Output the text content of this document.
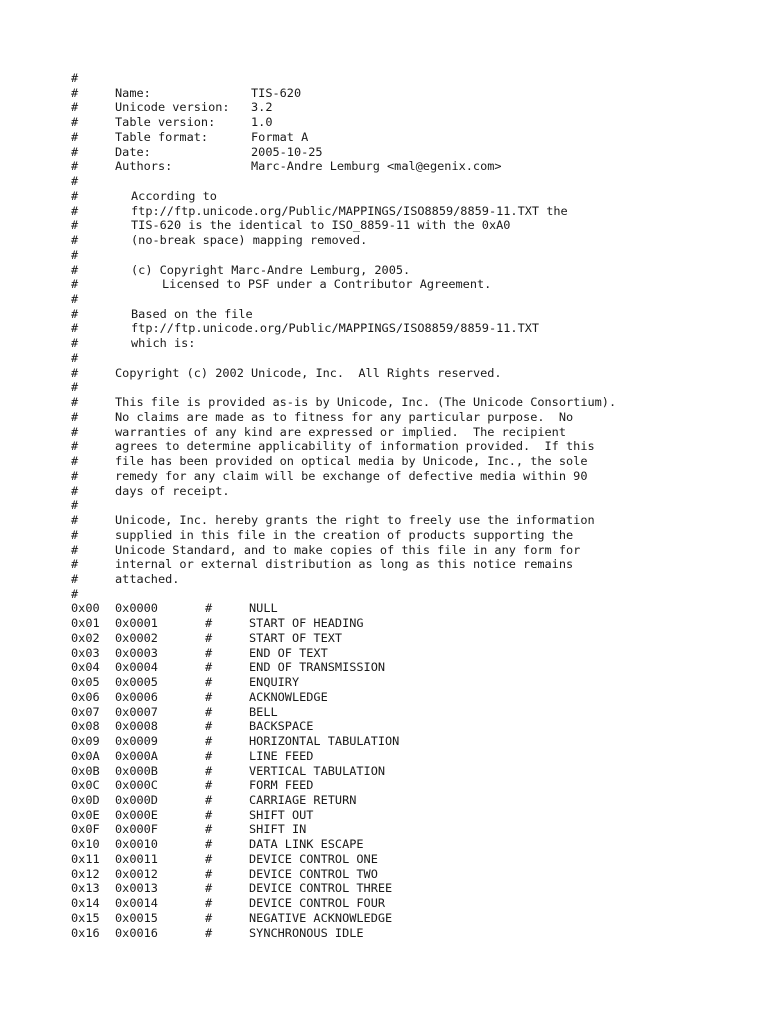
#
#	Name:	TIS-620
#	Unicode version: 3.2
#	Table version:	1.0
#	Table format:	Format A
#	Date:	2005-10-25
#	Authors:	Marc-Andre Lemburg <mal@egenix.com>
#
#	According to
#	ftp://ftp.unicode.org/Public/MAPPINGS/ISO8859/8859-11.TXT the
#	TIS-620 is the identical to ISO_8859-11 with the 0xA0
#	(no-break space) mapping removed.
#
#	(c) Copyright Marc-Andre Lemburg, 2005.
#	Licensed to PSF under a Contributor Agreement.
#
#	Based on the file
#	ftp://ftp.unicode.org/Public/MAPPINGS/ISO8859/8859-11.TXT
#	which is:
#
#	Copyright (c) 2002 Unicode, Inc.  All Rights reserved.
#
#	This file is provided as-is by Unicode, Inc. (The Unicode Consortium).
#	No claims are made as to fitness for any particular purpose.  No
#	warranties of any kind are expressed or implied.  The recipient
#	agrees to determine applicability of information provided.  If this
#	file has been provided on optical media by Unicode, Inc., the sole
#	remedy for any claim will be exchange of defective media within 90
#	days of receipt.
#
#	Unicode, Inc. hereby grants the right to freely use the information
#	supplied in this file in the creation of products supporting the
#	Unicode Standard, and to make copies of this file in any form for
#	internal or external distribution as long as this notice remains
#	attached.
#
0x00 0x0000	#	NULL
0x01 0x0001	#	START OF HEADING
0x02 0x0002	#	START OF TEXT
0x03 0x0003	#	END OF TEXT
0x04 0x0004	#	END OF TRANSMISSION
0x05 0x0005	#	ENQUIRY
0x06 0x0006	#	ACKNOWLEDGE
0x07 0x0007	#	BELL
0x08 0x0008	#	BACKSPACE
0x09 0x0009	#	HORIZONTAL TABULATION
0x0A 0x000A	#	LINE FEED
0x0B 0x000B	#	VERTICAL TABULATION
0x0C 0x000C	#	FORM FEED
0x0D 0x000D	#	CARRIAGE RETURN
0x0E 0x000E	#	SHIFT OUT
0x0F 0x000F	#	SHIFT IN
0x10 0x0010	#	DATA LINK ESCAPE
0x11 0x0011	#	DEVICE CONTROL ONE
0x12 0x0012	#	DEVICE CONTROL TWO
0x13 0x0013	#	DEVICE CONTROL THREE
0x14 0x0014	#	DEVICE CONTROL FOUR
0x15 0x0015	#	NEGATIVE ACKNOWLEDGE
0x16 0x0016	#	SYNCHRONOUS IDLE
